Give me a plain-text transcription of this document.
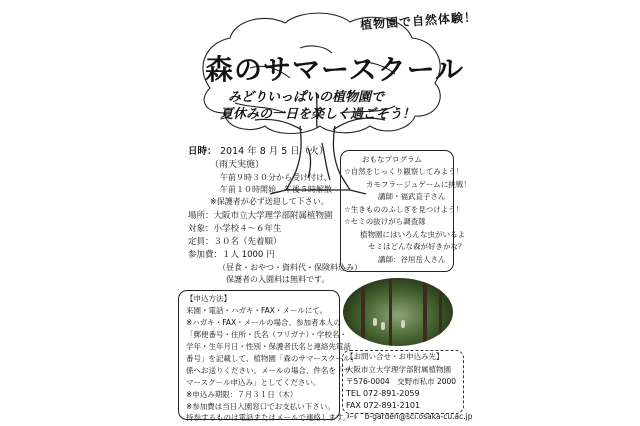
植物園で自然体験！
森のサマースクール
みどりいっぱいの植物園で
夏休みの一日を楽しく過ごそう！
日時： 2014 年 8 月 5 日（火）
（雨天実施）
午前９時３０分から受け付け、
午前１０時開始、午後５時解散
※保護者が必ず送迎して下さい。
場所：大阪市立大学理学部附属植物園
対象：小学校４～６年生
定員：３０名（先着順）
参加費：１人 1000 円
（昼食・おやつ・資料代・保険料込み）
保護者の入園料は無料です。
おもなプログラム
☆自然をじっくり観察してみよう！
カモフラージュゲームに挑戦！
講師・福武直子さん
☆生きもののふしぎを見つけよう！
☆セミの抜けがら調査隊
植物園にはいろんな虫がいるよ
セミはどんな森が好きかな？
講師：谷垣岳人さん
【申込方法】
来園・電話・ハガキ・FAX・メールにて。
※ハガキ・FAX・メールの場合、参加者本人の
「郵便番号・住所・氏名（フリガナ）・学校名・
学年・生年月日・性別・保護者氏名と連絡先電話
番号」を記載して、植物園「森のサマースクール」
係へお送りください。メールの場合、件名を「サ
マースクール申込み」としてください。
※申込み期限：７月３１日（木）
※参加費は当日入園窓口でお支払い下さい。
持参するものは電話またはメールで連絡します。
【お問い合せ・お申込み先】
大阪市立大学理学部附属植物園
〒576-0004　交野市私市 2000
TEL 072-891-2059
FAX 072-891-2101
ﾒｰﾙ　b-garden@sci.osaka-cu.ac.jp
